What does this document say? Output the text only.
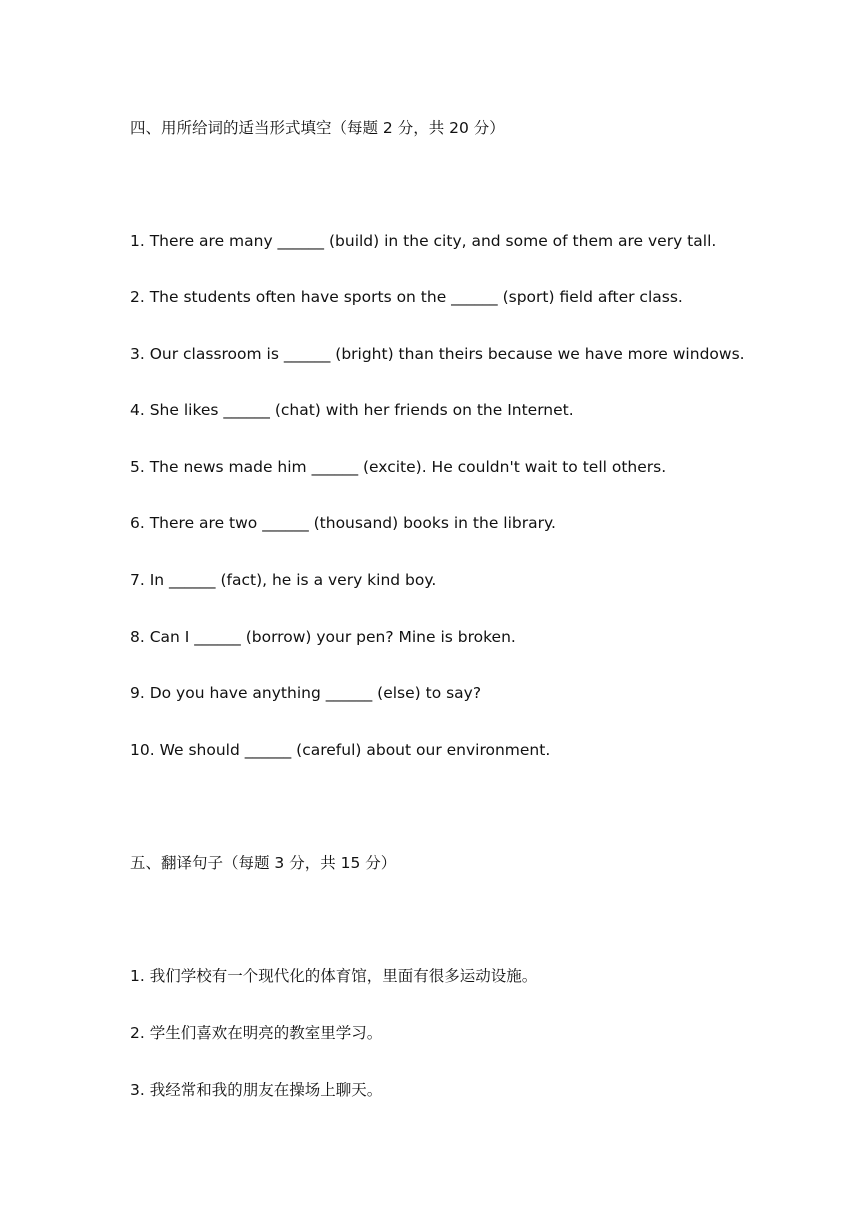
四、用所给词的适当形式填空（每题 2 分，共 20 分）
1. There are many ______ (build) in the city, and some of them are very tall.
2. The students often have sports on the ______ (sport) field after class.
3. Our classroom is ______ (bright) than theirs because we have more windows.
4. She likes ______ (chat) with her friends on the Internet.
5. The news made him ______ (excite). He couldn't wait to tell others.
6. There are two ______ (thousand) books in the library.
7. In ______ (fact), he is a very kind boy.
8. Can I ______ (borrow) your pen? Mine is broken.
9. Do you have anything ______ (else) to say?
10. We should ______ (careful) about our environment.
五、翻译句子（每题 3 分，共 15 分）
1. 我们学校有一个现代化的体育馆，里面有很多运动设施。
2. 学生们喜欢在明亮的教室里学习。
3. 我经常和我的朋友在操场上聊天。
